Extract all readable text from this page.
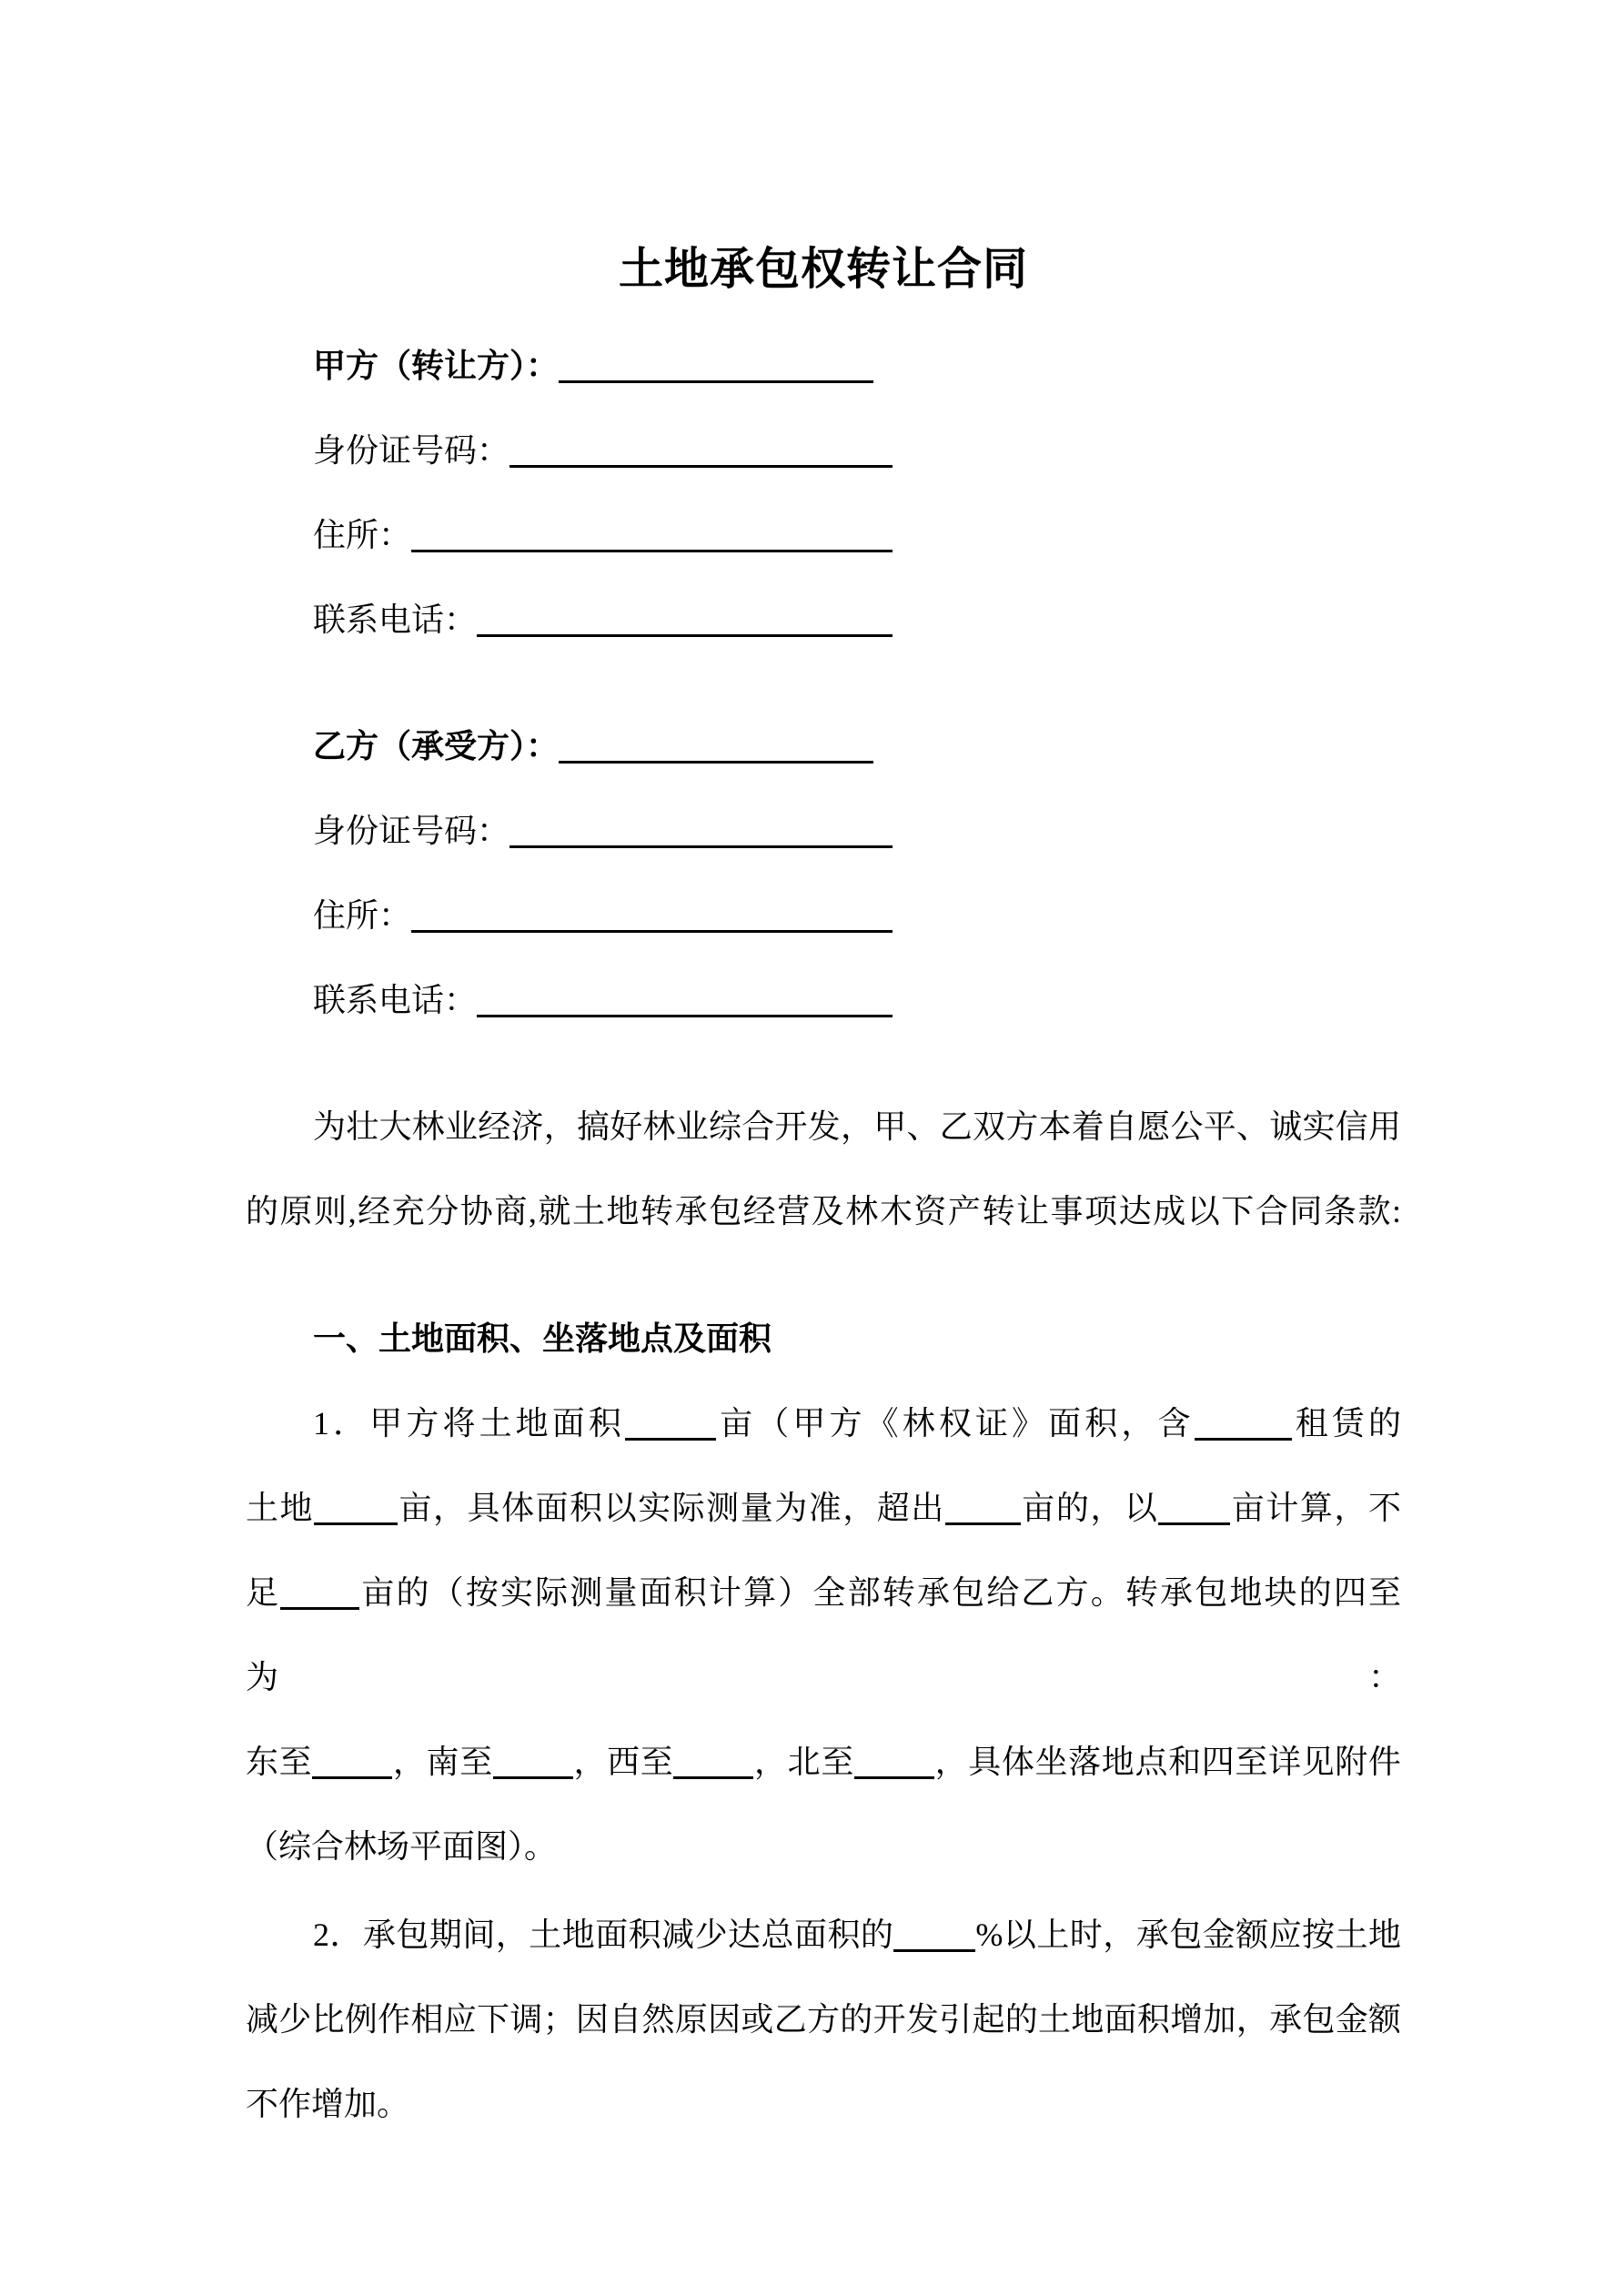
土地承包权转让合同

甲方（转让方）：

身份证号码：

住所：

联系电话：

乙方（承受方）：

身份证号码：

住所：

联系电话：

为壮大林业经济，搞好林业综合开发，甲、乙双方本着自愿公平、诚实信用

的原则,经充分协商,就土地转承包经营及林木资产转让事项达成以下合同条款:

一、土地面积、坐落地点及面积

1．甲方将土地面积	亩（甲方《林权证》面积，含	租赁的

土地	亩，具体面积以实际测量为准，超出 亩的，以 亩计算，不

足 亩的（按实际测量面积计算）全部转承包给乙方。转承包地块的四至为：

东至 ，南至 ，西至 ，北至 ，具体坐落地点和四至详见附件

（综合林场平面图）。

2．承包期间，土地面积减少达总面积的	%以上时，承包金额应按土地

减少比例作相应下调；因自然原因或乙方的开发引起的土地面积增加，承包金额

不作增加。
